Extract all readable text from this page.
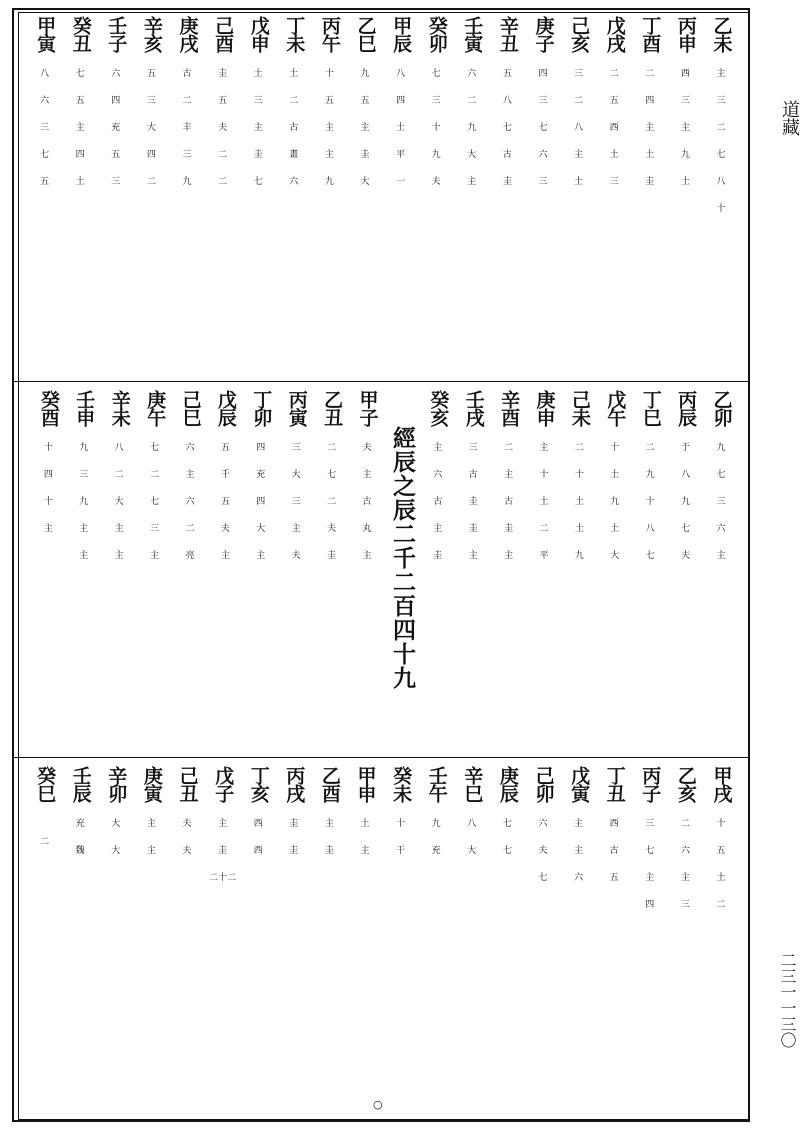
道藏
二三一一三〇
乙未
主
三
二
七
八
十
丙申
西
三
主
九
土
丁酉
二
四
主
土
圭
戊戌
二
五
西
土
三
己亥
三
二
八
主
土
庚子
四
三
七
六
三
辛丑
五
八
七
古
圭
壬寅
六
二
九
大
主
癸卯
七
三
十
九
夫
甲辰
八
四
土
平
一
乙巳
九
五
主
圭
大
丙午
十
五
主
主
九
丁未
土
二
古
畫
六
戊申
土
三
主
圭
七
己酉
圭
五
夫
二
二
庚戌
古
二
丰
三
九
辛亥
五
三
大
四
二
壬子
六
四
充
五
三
癸丑
七
五
主
四
土
甲寅
八
六
三
七
五
經辰之辰二千二百四十九
乙卯
九
七
三
六
主
丙辰
于
八
九
七
夫
丁巳
二
九
十
八
七
戊午
十
土
九
土
大
己未
二
十
土
土
九
庚申
主
十
土
二
平
辛酉
二
主
古
圭
主
壬戌
三
古
圭
圭
主
癸亥
主
六
古
主
圭
甲子
夫
主
古
丸
主
乙丑
二
七
二
夫
圭
丙寅
三
大
三
主
夫
丁卯
四
充
四
大
主
戊辰
五
千
五
夫
主
己巳
六
主
六
二
亮
庚午
七
二
七
三
主
辛未
八
二
大
主
主
壬申
九
三
九
主
主
癸酉
十
四
十
主
甲戌
十
五
土
二
乙亥
二
六
主
三
丙子
三
七
主
四
丁丑
西
古
五
戊寅
主
主
六
己卯
六
夫
七
庚辰
七
七
辛巳
八
大
壬午
九
充
癸未
十
干
甲申
土
主
乙酉
主
圭
丙戌
圭
圭
丁亥
西
西
戊子
主
圭
二十二
己丑
夫
夫
庚寅
主
主
辛卯
大
大
壬辰
充
魏
癸巳
二
○
